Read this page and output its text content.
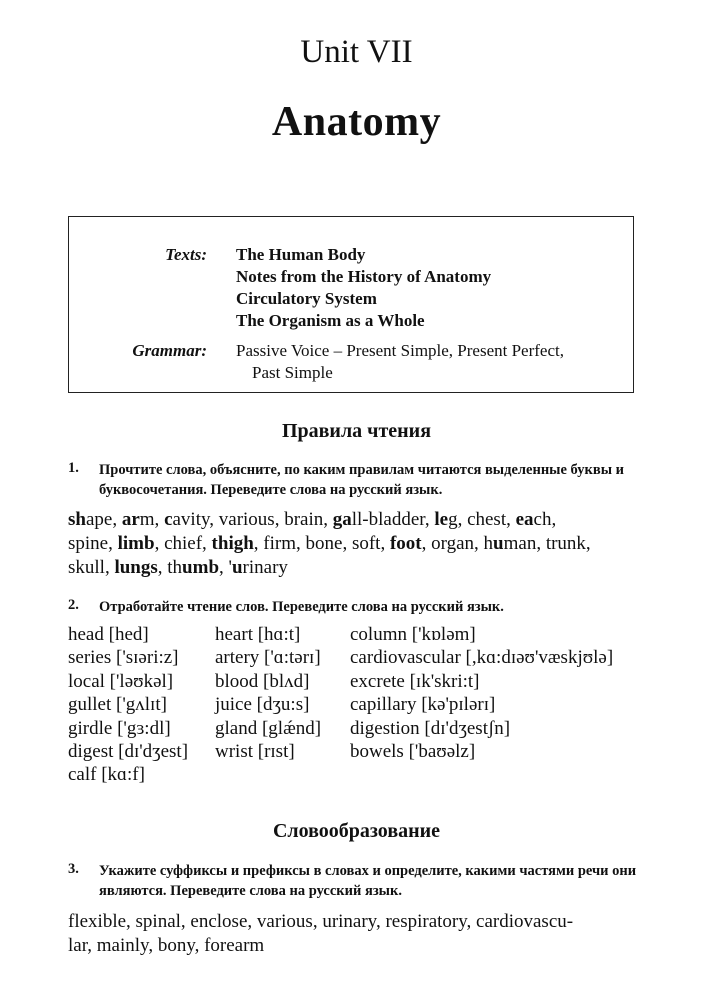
Unit VII
Anatomy
Texts: The Human Body
Notes from the History of Anatomy
Circulatory System
The Organism as a Whole
Grammar: Passive Voice – Present Simple, Present Perfect,
Past Simple
Правила чтения
1. Прочтите слова, объясните, по каким правилам читаются выделенные буквы и буквосочетания. Переведите слова на русский язык.
shape, arm, cavity, various, brain, gall-bladder, leg, chest, each,
spine, limb, chief, thigh, firm, bone, soft, foot, organ, human, trunk,
skull, lungs, thumb, 'urinary
2. Отработайте чтение слов. Переведите слова на русский язык.
head [hed]
series ['sɪəri:z]
local ['ləʊkəl]
gullet ['gʌlɪt]
girdle ['gɜ:dl]
digest [dɪ'dʒest]
calf [kɑ:f]
heart [hɑ:t]
artery ['ɑ:tərɪ]
blood [blʌd]
juice [dʒu:s]
gland [glǽnd]
wrist [rɪst]
column ['kɒləm]
cardiovascular [,kɑ:dɪəʊ'væskjʊlə]
excrete [ɪk'skri:t]
capillary [kə'pɪlərɪ]
digestion [dɪ'dʒestʃn]
bowels ['baʊəlz]
Словообразование
3. Укажите суффиксы и префиксы в словах и определите, какими частями речи они являются. Переведите слова на русский язык.
flexible, spinal, enclose, various, urinary, respiratory, cardiovascu-
lar, mainly, bony, forearm
